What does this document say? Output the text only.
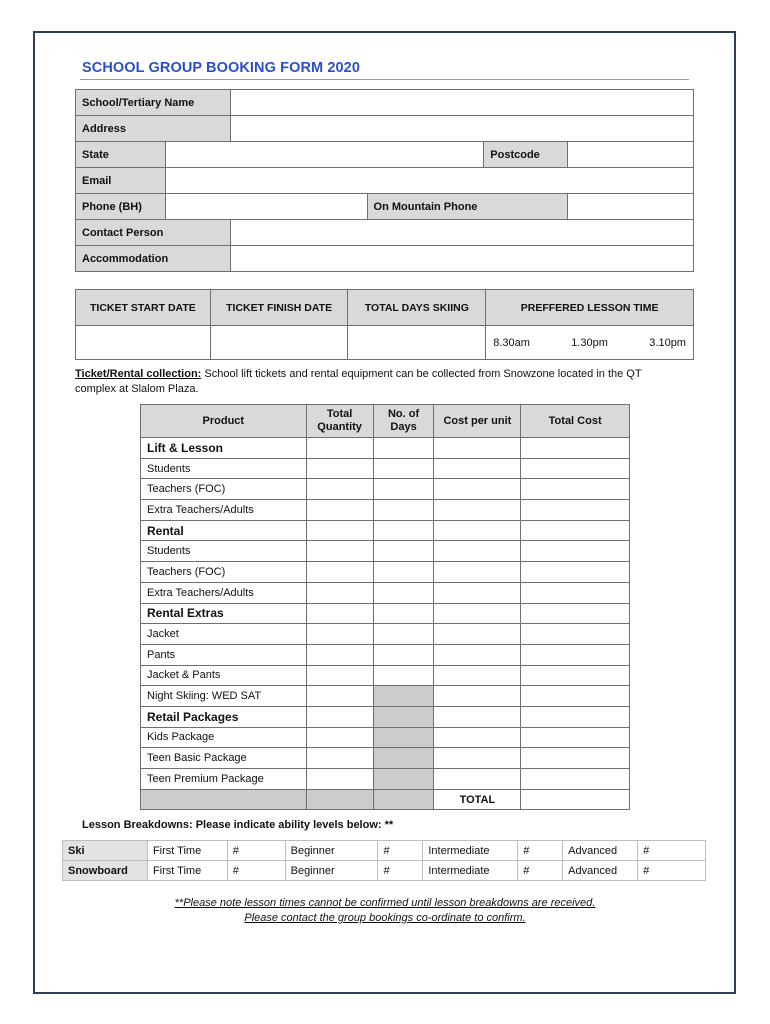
SCHOOL GROUP BOOKING FORM 2020
School/Tertiary Name					
Address					
State				Postcode	
Email					
Phone (BH)			On Mountain Phone		
Contact Person					
Accommodation					
TICKET START DATE	TICKET FINISH DATE	TOTAL DAYS SKIING	PREFFERED LESSON TIME

			8.30am 1.30pm 3.10pm
Ticket/Rental collection: School lift tickets and rental equipment can be collected from Snowzone located in the QT complex at Slalom Plaza.
Product	Total Quantity	No. of Days	Cost per unit	Total Cost
Lift & Lesson				
Students				
Teachers (FOC)				
Extra Teachers/Adults				
Rental				
Students				
Teachers (FOC)				
Extra Teachers/Adults				
Rental Extras				
Jacket				
Pants				
Jacket & Pants				
Night Skiing: WED SAT				
Retail Packages				
Kids Package				
Teen Basic Package				
Teen Premium Package				
			TOTAL	
Lesson Breakdowns: Please indicate ability levels below: **
Ski	First Time	#	Beginner	#	Intermediate	#	Advanced	#
Snowboard	First Time	#	Beginner	#	Intermediate	#	Advanced	#
**Please note lesson times cannot be confirmed until lesson breakdowns are received.
Please contact the group bookings co-ordinate to confirm.
